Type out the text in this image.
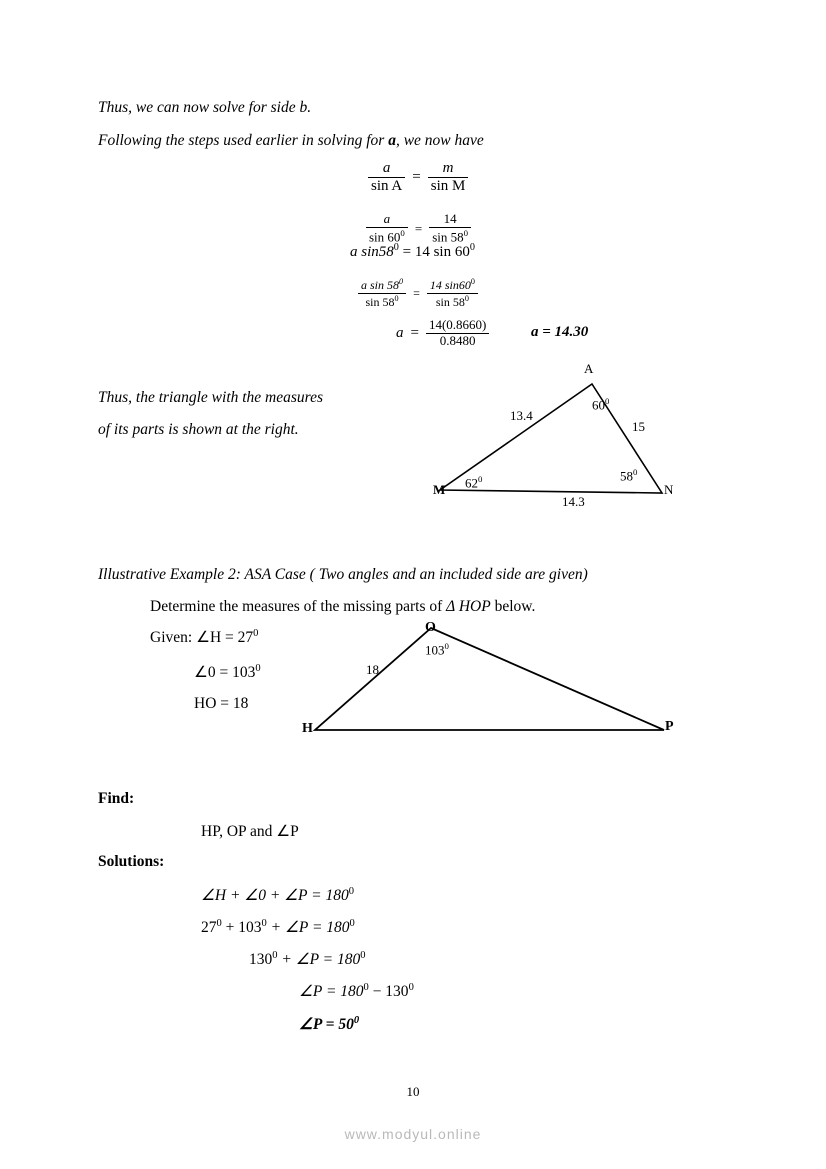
Thus, we can now solve for side b.
Following the steps used earlier in solving for a, we now have
$\frac{a}{\text{sin A}} = \frac{m}{\text{sin M}}$
$\frac{a}{\sin 60^0} = \frac{14}{\sin 58^0}$
a $\sin 58^0 = 14$ $\sin 60^0$
$\frac{a \sin 58^0}{\sin 58^0} = \frac{14 \sin 60^0}{\sin 58^0}$
$a = \frac{14(0.8660)}{0.8480}$	a = 14.30
Thus, the triangle with the measures
of its parts is shown at the right.
A
M	N
13.4
15
14.3
$60^0$
$62^0$	$58^0$
Illustrative Example 2: ASA Case ( Two angles and an included side are given)
Determine the measures of the missing parts of Δ HOP below.
Given: ∠H = $27^0$
∠0 = $103^0$
HO = 18
O
H	P
18
$103^0$
Find:
HP, OP and ∠P
Solutions:
∠H + ∠0 + ∠P = $180^0$
$27^0 + 103^0$ + ∠P = $180^0$
$130^0$ + ∠P = $180^0$
∠P = $180^0 - 130^0$
∠P = $50^0$
10
www.modyul.online
